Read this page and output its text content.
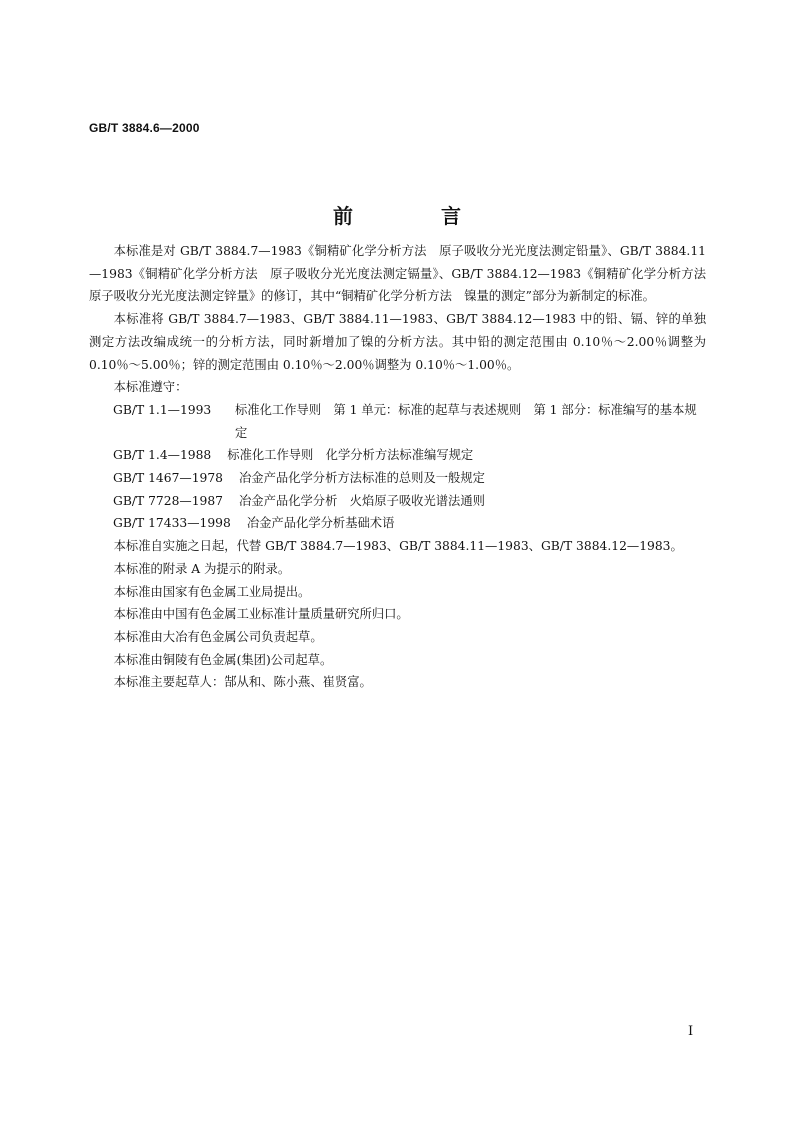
GB/T 3884.6—2000
前　言

本标准是对 GB/T 3884.7—1983《铜精矿化学分析方法　原子吸收分光光度法测定铅量》、GB/T 3884.11—1983《铜精矿化学分析方法　原子吸收分光光度法测定镉量》、GB/T 3884.12—1983《铜精矿化学分析方法　原子吸收分光光度法测定锌量》的修订，其中“铜精矿化学分析方法　镍量的测定”部分为新制定的标准。

本标准将 GB/T 3884.7—1983、GB/T 3884.11—1983、GB/T 3884.12—1983 中的铅、镉、锌的单独测定方法改编成统一的分析方法，同时新增加了镍的分析方法。其中铅的测定范围由 0.10％～2.00％调整为 0.10％～5.00％；锌的测定范围由 0.10％～2.00％调整为 0.10％～1.00％。

本标准遵守：

GB/T 1.1—1993	标准化工作导则　第 1 单元：标准的起草与表述规则　第 1 部分：标准编写的基本规定
GB/T 1.4—1988 标准化工作导则　化学分析方法标准编写规定
GB/T 1467—1978 冶金产品化学分析方法标准的总则及一般规定
GB/T 7728—1987 冶金产品化学分析　火焰原子吸收光谱法通则
GB/T 17433—1998 冶金产品化学分析基础术语

本标准自实施之日起，代替 GB/T 3884.7—1983、GB/T 3884.11—1983、GB/T 3884.12—1983。

本标准的附录 A 为提示的附录。

本标准由国家有色金属工业局提出。

本标准由中国有色金属工业标准计量质量研究所归口。

本标准由大冶有色金属公司负责起草。

本标准由铜陵有色金属(集团)公司起草。

本标准主要起草人：郜从和、陈小燕、崔贤富。

I
